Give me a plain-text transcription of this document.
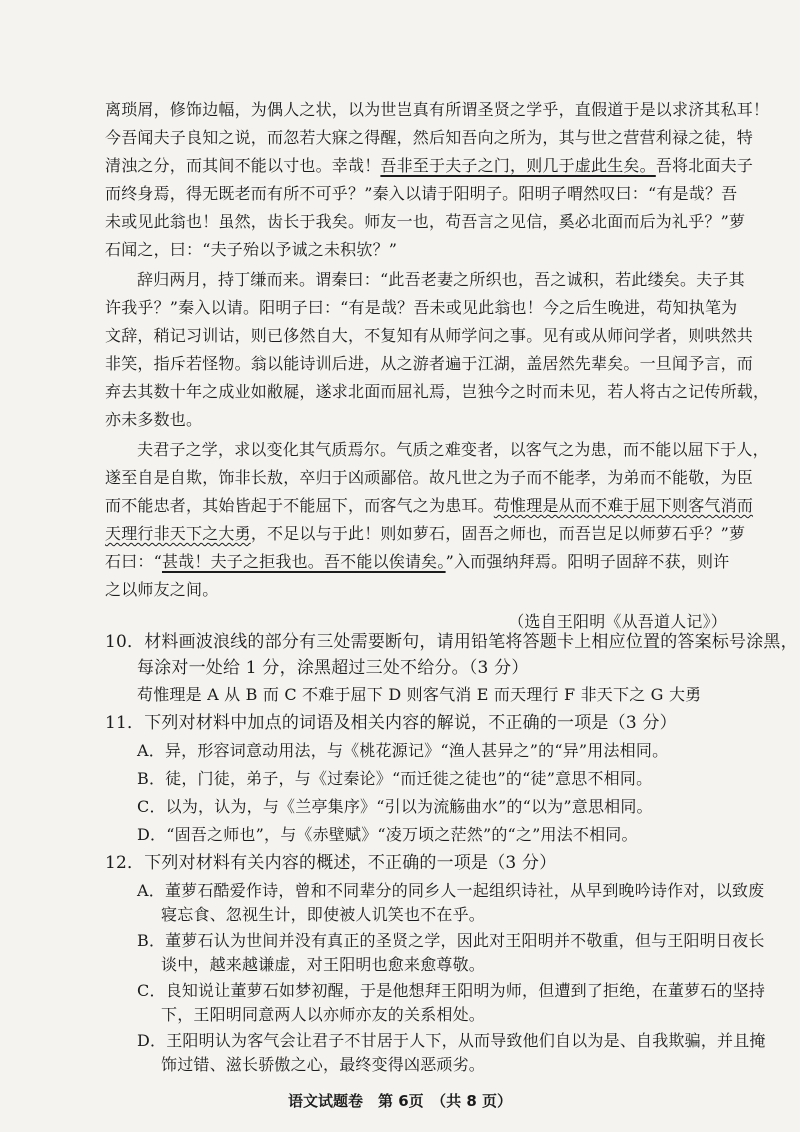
离琐屑，修饰边幅，为偶人之状，以为世岂真有所谓圣贤之学乎，直假道于是以求济其私耳！
今吾闻夫子良知之说，而忽若大寐之得醒，然后知吾向之所为，其与世之营营利禄之徒，特
清浊之分，而其间不能以寸也。幸哉！吾非至于夫子之门，则几于虚此生矣。吾将北面夫子
而终身焉，得无既老而有所不可乎？”秦入以请于阳明子。阳明子喟然叹曰：“有是哉？吾
未或见此翁也！虽然，齿长于我矣。师友一也，苟吾言之见信，奚必北面而后为礼乎？”萝
石闻之，曰：“夫子殆以予诚之未积欤？”
辞归两月，持丁缣而来。谓秦曰：“此吾老妻之所织也，吾之诚积，若此缕矣。夫子其
许我乎？”秦入以请。阳明子曰：“有是哉？吾未或见此翁也！今之后生晚进，苟知执笔为
文辞，稍记习训诂，则已侈然自大，不复知有从师学问之事。见有或从师问学者，则哄然共
非笑，指斥若怪物。翁以能诗训后进，从之游者遍于江湖，盖居然先辈矣。一旦闻予言，而
弃去其数十年之成业如敝屣，遂求北面而屈礼焉，岂独今之时而未见，若人将古之记传所载，
亦未多数也。
夫君子之学，求以变化其气质焉尔。气质之难变者，以客气之为患，而不能以屈下于人，
遂至自是自欺，饰非长敖，卒归于凶顽鄙倍。故凡世之为子而不能孝，为弟而不能敬，为臣
而不能忠者，其始皆起于不能屈下，而客气之为患耳。苟惟理是从而不难于屈下则客气消而
天理行非天下之大勇，不足以与于此！则如萝石，固吾之师也，而吾岂足以师萝石乎？”萝
石曰：“甚哉！夫子之拒我也。吾不能以俟请矣。”入而强纳拜焉。阳明子固辞不获，则许
之以师友之间。
（选自王阳明《从吾道人记》）
10．材料画波浪线的部分有三处需要断句，请用铅笔将答题卡上相应位置的答案标号涂黑，
每涂对一处给 1 分，涂黑超过三处不给分。（3 分）
苟惟理是 A 从 B 而 C 不难于屈下 D 则客气消 E 而天理行 F 非天下之 G 大勇
11．下列对材料中加点的词语及相关内容的解说，不正确的一项是（3 分）
A．异，形容词意动用法，与《桃花源记》“渔人甚异之”的“异”用法相同。
B．徒，门徒，弟子，与《过秦论》“而迁徙之徒也”的“徒”意思不相同。
C．以为，认为，与《兰亭集序》“引以为流觞曲水”的“以为”意思相同。
D．“固吾之师也”，与《赤壁赋》“凌万顷之茫然”的“之”用法不相同。
12．下列对材料有关内容的概述，不正确的一项是（3 分）
A．董萝石酷爱作诗，曾和不同辈分的同乡人一起组织诗社，从早到晚吟诗作对，以致废
寝忘食、忽视生计，即使被人讥笑也不在乎。
B．董萝石认为世间并没有真正的圣贤之学，因此对王阳明并不敬重，但与王阳明日夜长
谈中，越来越谦虚，对王阳明也愈来愈尊敬。
C．良知说让董萝石如梦初醒，于是他想拜王阳明为师，但遭到了拒绝，在董萝石的坚持
下，王阳明同意两人以亦师亦友的关系相处。
D．王阳明认为客气会让君子不甘居于人下，从而导致他们自以为是、自我欺骗，并且掩
饰过错、滋长骄傲之心，最终变得凶恶顽劣。
语文试题卷　第 6页　（共 8 页）
